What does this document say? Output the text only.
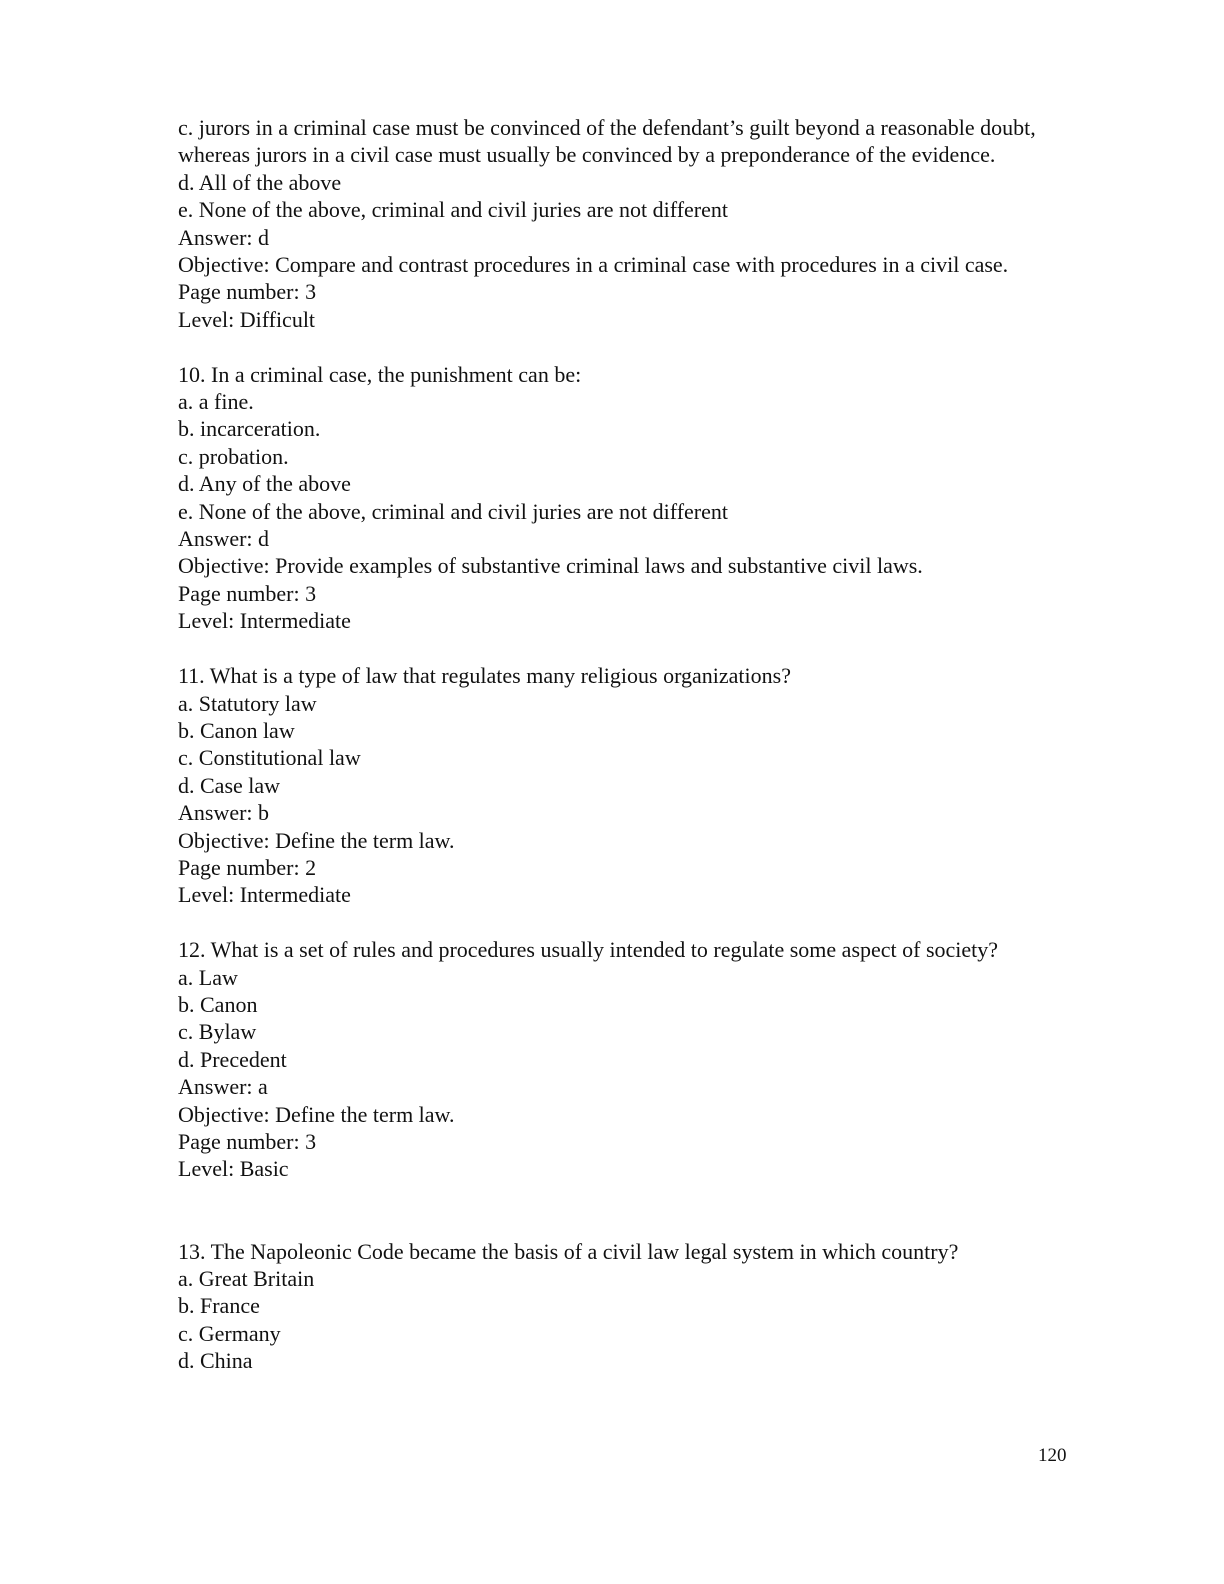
c. jurors in a criminal case must be convinced of the defendant’s guilt beyond a reasonable doubt, whereas jurors in a civil case must usually be convinced by a preponderance of the evidence.
d. All of the above
e. None of the above, criminal and civil juries are not different
Answer: d
Objective: Compare and contrast procedures in a criminal case with procedures in a civil case.
Page number: 3
Level: Difficult
10. In a criminal case, the punishment can be:
a. a fine.
b. incarceration.
c. probation.
d. Any of the above
e. None of the above, criminal and civil juries are not different
Answer: d
Objective: Provide examples of substantive criminal laws and substantive civil laws.
Page number: 3
Level: Intermediate
11. What is a type of law that regulates many religious organizations?
a. Statutory law
b. Canon law
c. Constitutional law
d. Case law
Answer: b
Objective: Define the term law.
Page number: 2
Level: Intermediate
12. What is a set of rules and procedures usually intended to regulate some aspect of society?
a. Law
b. Canon
c. Bylaw
d. Precedent
Answer: a
Objective: Define the term law.
Page number: 3
Level: Basic
13. The Napoleonic Code became the basis of a civil law legal system in which country?
a. Great Britain
b. France
c. Germany
d. China
120
